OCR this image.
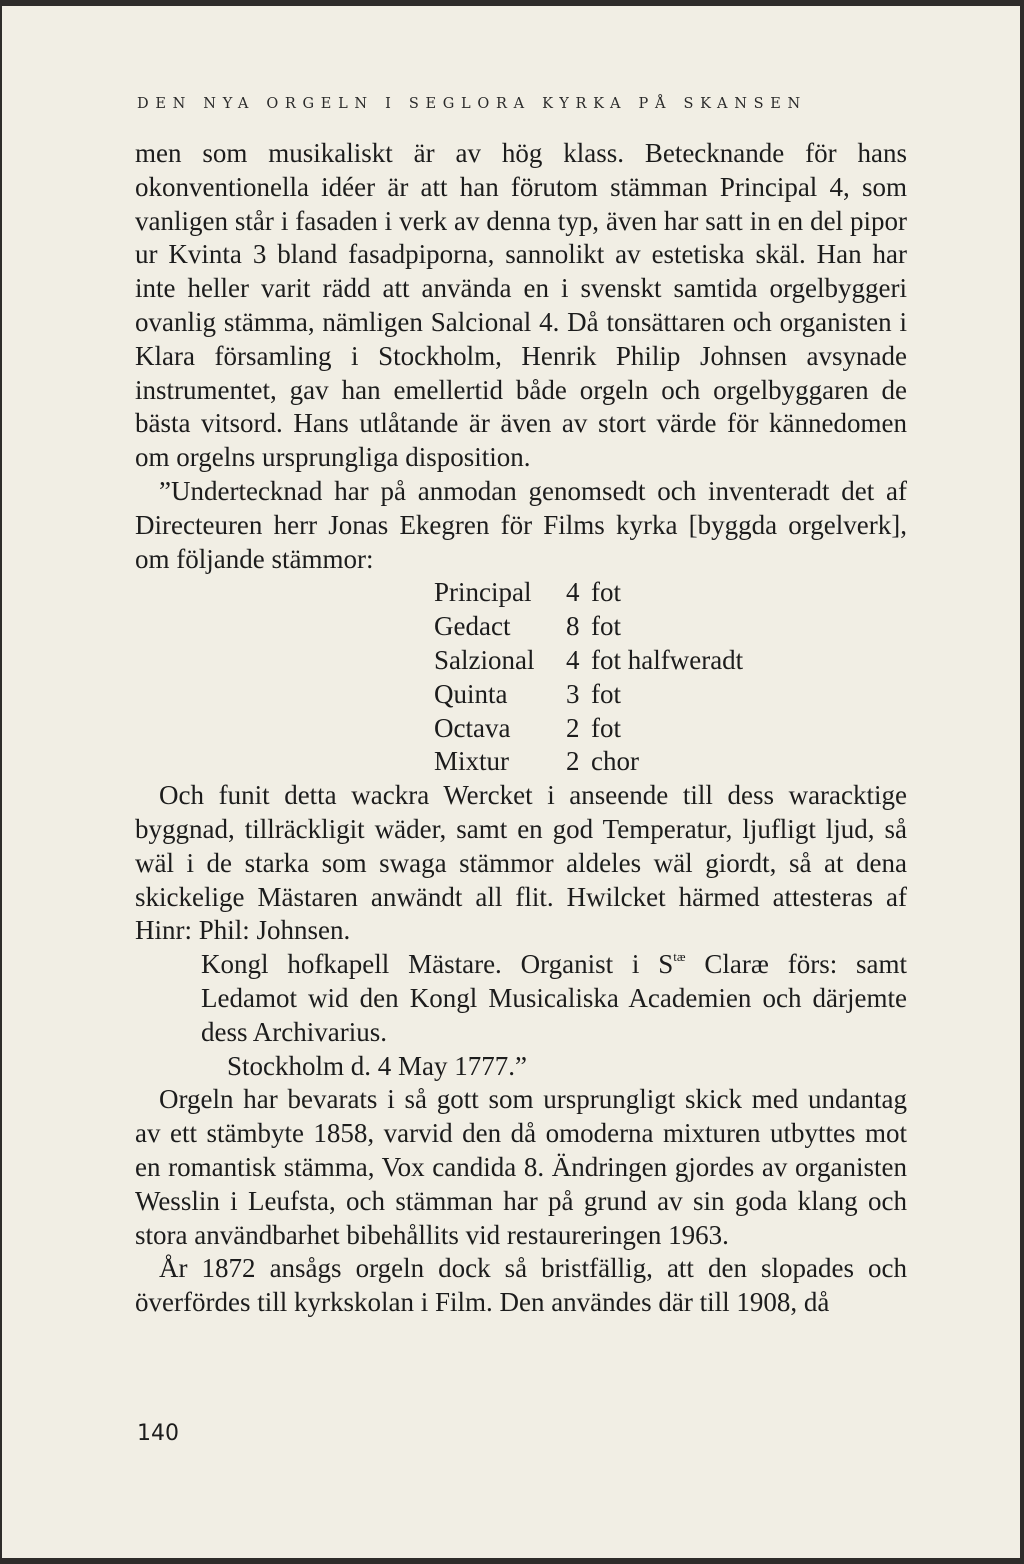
DEN NYA ORGELN I SEGLORA KYRKA PÅ SKANSEN

men som musikaliskt är av hög klass. Betecknande för hans okonventionella idéer är att han förutom stämman Principal 4, som vanligen står i fasaden i verk av denna typ, även har satt in en del pipor ur Kvinta 3 bland fasadpiporna, sannolikt av estetiska skäl. Han har inte heller varit rädd att använda en i svenskt samtida orgelbyggeri ovanlig stämma, nämligen Salcional 4. Då tonsättaren och organisten i Klara församling i Stockholm, Henrik Philip Johnsen avsynade instrumentet, gav han emellertid både orgeln och orgelbyggaren de bästa vitsord. Hans utlåtande är även av stort värde för kännedomen om orgelns ursprungliga disposition.

”Undertecknad har på anmodan genomsedt och inventeradt det af Directeuren herr Jonas Ekegren för Films kyrka [byggda orgelverk], om följande stämmor:

Principal	4	fot
Gedact	8	fot
Salzional	4	fot halfweradt
Quinta	3	fot
Octava	2	fot
Mixtur	2	chor

Och funit detta wackra Wercket i anseende till dess waracktige byggnad, tillräckligit wäder, samt en god Temperatur, ljufligt ljud, så wäl i de starka som swaga stämmor aldeles wäl giordt, så at dena skickelige Mästaren anwändt all flit. Hwilcket härmed attesteras af Hinr: Phil: Johnsen.

Kongl hofkapell Mästare. Organist i $S^{tæ}$ Claræ förs: samt Ledamot wid den Kongl Musicaliska Academien och därjemte dess Archivarius.

Stockholm d. 4 May 1777.”

Orgeln har bevarats i så gott som ursprungligt skick med undantag av ett stämbyte 1858, varvid den då omoderna mixturen utbyttes mot en romantisk stämma, Vox candida 8. Ändringen gjordes av organisten Wesslin i Leufsta, och stämman har på grund av sin goda klang och stora användbarhet bibehållits vid restaureringen 1963.

År 1872 ansågs orgeln dock så bristfällig, att den slopades och överfördes till kyrkskolan i Film. Den användes där till 1908, då

140
